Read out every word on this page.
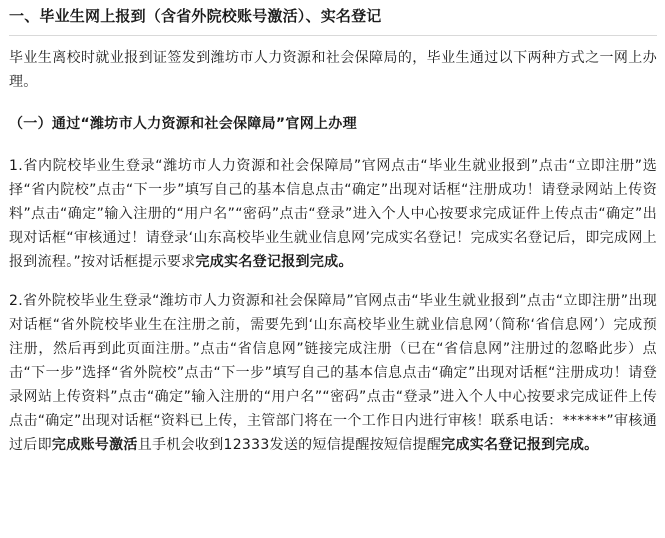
一、毕业生网上报到（含省外院校账号激活）、实名登记

毕业生离校时就业报到证签发到潍坊市人力资源和社会保障局的，毕业生通过以下两种方式之一网上办理。

（一）通过“潍坊市人力资源和社会保障局”官网上办理

1.省内院校毕业生登录“潍坊市人力资源和社会保障局”官网点击“毕业生就业报到”点击“立即注册”选择“省内院校”点击“下一步”填写自己的基本信息点击“确定”出现对话框“注册成功！请登录网站上传资料”点击“确定”输入注册的“用户名”“密码”点击“登录”进入个人中心按要求完成证件上传点击“确定”出现对话框“审核通过！请登录‘山东高校毕业生就业信息网’完成实名登记！完成实名登记后，即完成网上报到流程。”按对话框提示要求完成实名登记报到完成。

2.省外院校毕业生登录“潍坊市人力资源和社会保障局”官网点击“毕业生就业报到”点击“立即注册”出现对话框“省外院校毕业生在注册之前，需要先到‘山东高校毕业生就业信息网’（简称‘省信息网’）完成预注册，然后再到此页面注册。”点击“省信息网”链接完成注册（已在“省信息网”注册过的忽略此步）点击“下一步”选择“省外院校”点击“下一步”填写自己的基本信息点击“确定”出现对话框“注册成功！请登录网站上传资料”点击“确定”输入注册的“用户名”“密码”点击“登录”进入个人中心按要求完成证件上传点击“确定”出现对话框“资料已上传，主管部门将在一个工作日内进行审核！联系电话：******”审核通过后即完成账号激活且手机会收到12333发送的短信提醒按短信提醒完成实名登记报到完成。
